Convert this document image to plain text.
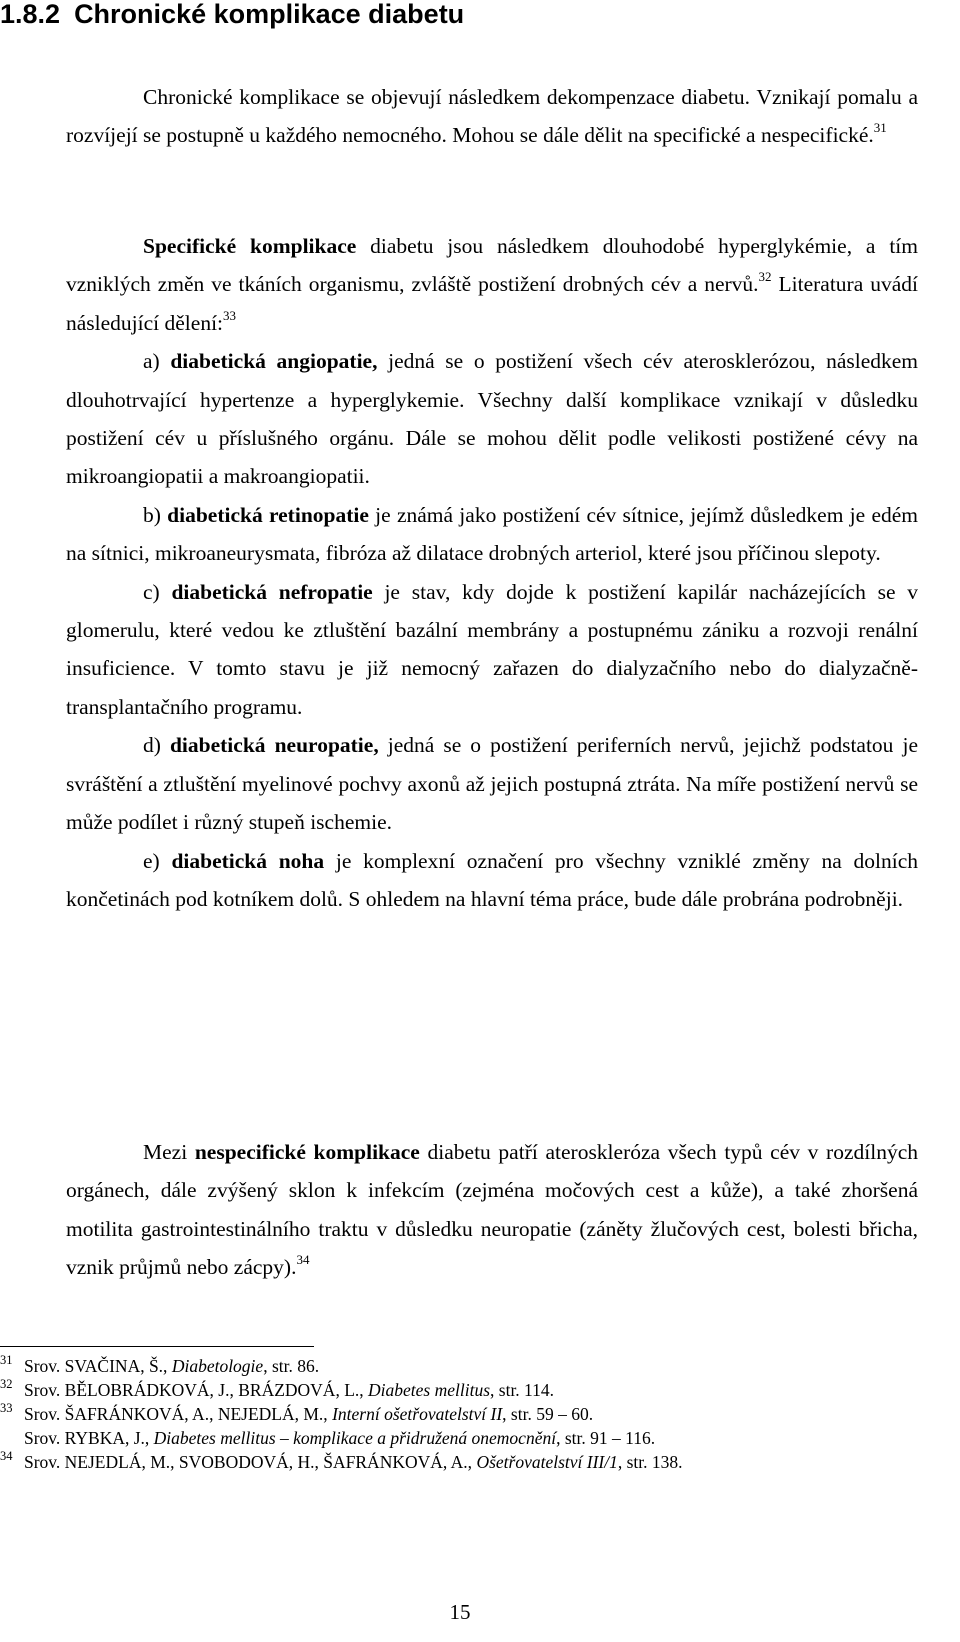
1.8.2 Chronické komplikace diabetu

Chronické komplikace se objevují následkem dekompenzace diabetu. Vznikají pomalu a rozvíjejí se postupně u každého nemocného. Mohou se dále dělit na specifické a nespecifické.$^{31}$

Specifické komplikace diabetu jsou následkem dlouhodobé hyperglykémie, a tím vzniklých změn ve tkáních organismu, zvláště postižení drobných cév a nervů.$^{32}$ Literatura uvádí následující dělení:$^{33}$

a) diabetická angiopatie, jedná se o postižení všech cév aterosklerózou, následkem dlouhotrvající hypertenze a hyperglykemie. Všechny další komplikace vznikají v důsledku postižení cév u příslušného orgánu. Dále se mohou dělit podle velikosti postižené cévy na mikroangiopatii a makroangiopatii.

b) diabetická retinopatie je známá jako postižení cév sítnice, jejímž důsledkem je edém na sítnici, mikroaneurysmata, fibróza až dilatace drobných arteriol, které jsou příčinou slepoty.

c) diabetická nefropatie je stav, kdy dojde k postižení kapilár nacházejících se v glomerulu, které vedou ke ztluštění bazální membrány a postupnému zániku a rozvoji renální insuficience. V tomto stavu je již nemocný zařazen do dialyzačního nebo do dialyzačně-transplantačního programu.

d) diabetická neuropatie, jedná se o postižení periferních nervů, jejichž podstatou je svráštění a ztluštění myelinové pochvy axonů až jejich postupná ztráta. Na míře postižení nervů se může podílet i různý stupeň ischemie.

e) diabetická noha je komplexní označení pro všechny vzniklé změny na dolních končetinách pod kotníkem dolů. S ohledem na hlavní téma práce, bude dále probrána podrobněji.

Mezi nespecifické komplikace diabetu patří ateroskleróza všech typů cév v rozdílných orgánech, dále zvýšený sklon k infekcím (zejména močových cest a kůže), a také zhoršená motilita gastrointestinálního traktu v důsledku neuropatie (záněty žlučových cest, bolesti břicha, vznik průjmů nebo zácpy).$^{34}$

31 Srov. SVAČINA, Š., Diabetologie, str. 86.
32 Srov. BĚLOBRÁDKOVÁ, J., BRÁZDOVÁ, L., Diabetes mellitus, str. 114.
33 Srov. ŠAFRÁNKOVÁ, A., NEJEDLÁ, M., Interní ošetřovatelství II, str. 59 – 60.
Srov. RYBKA, J., Diabetes mellitus – komplikace a přidružená onemocnění, str. 91 – 116.
34 Srov. NEJEDLÁ, M., SVOBODOVÁ, H., ŠAFRÁNKOVÁ, A., Ošetřovatelství III/1, str. 138.
15
